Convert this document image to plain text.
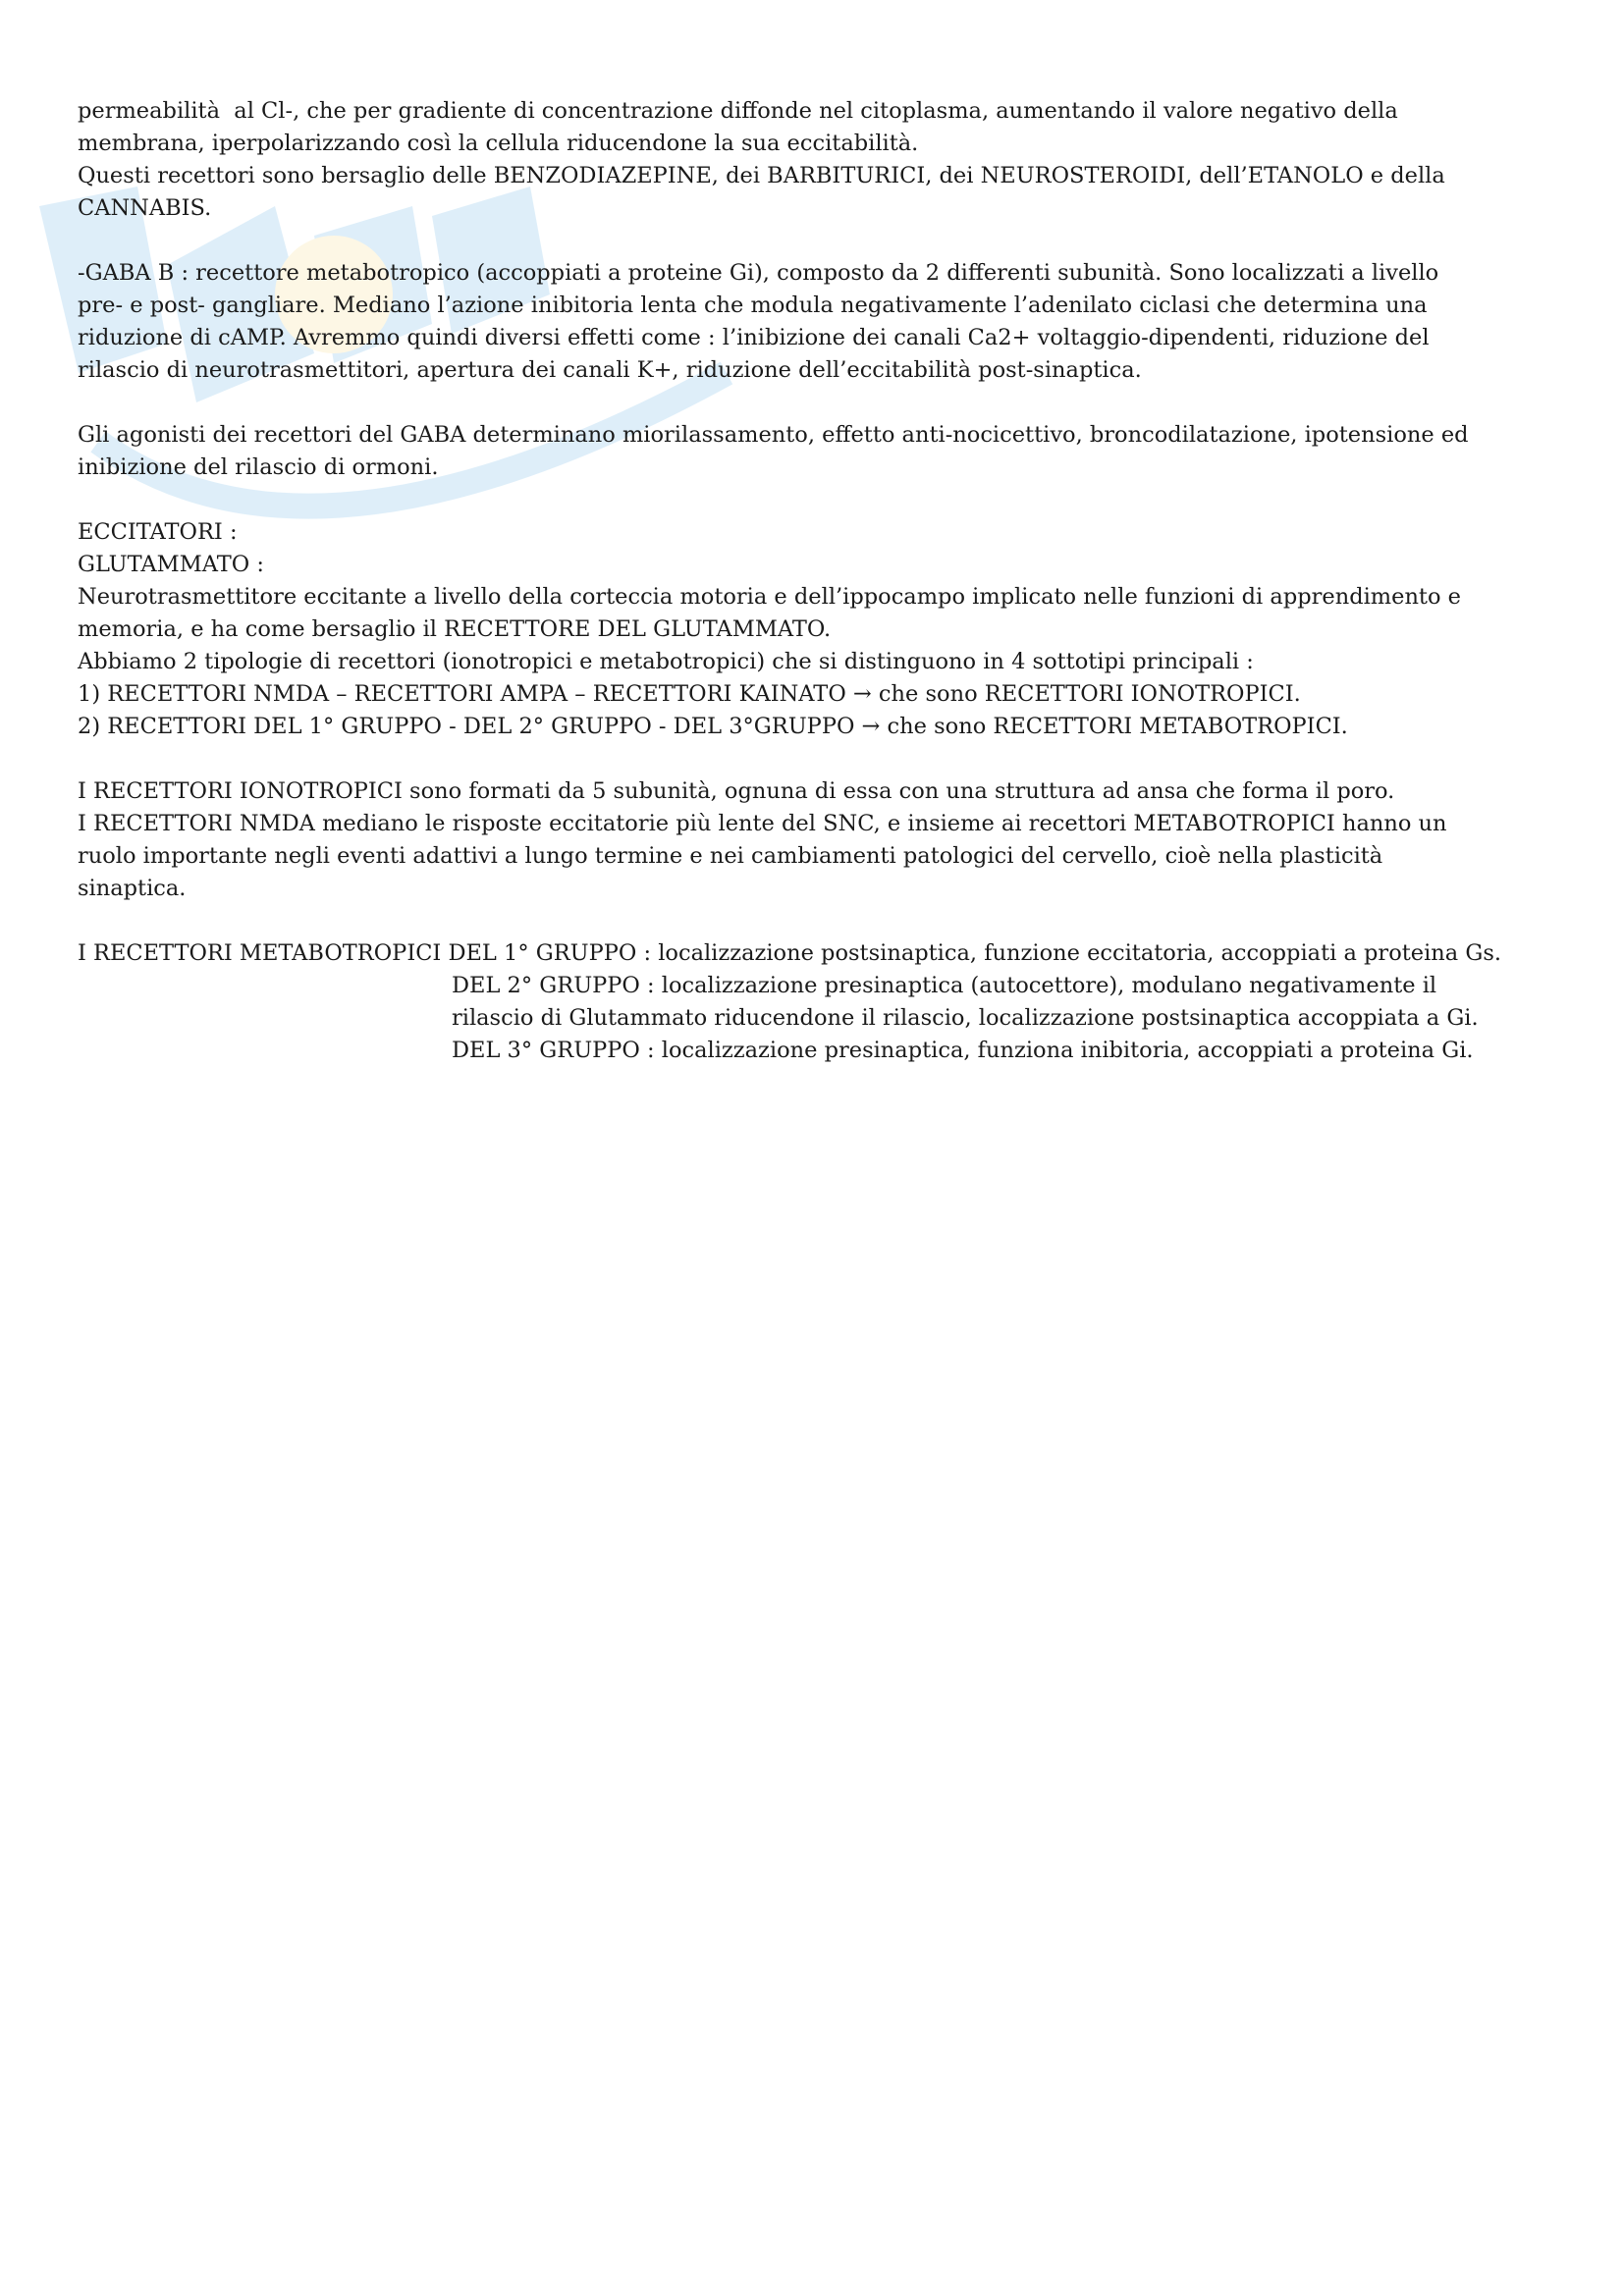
permeabilità  al Cl-, che per gradiente di concentrazione diffonde nel citoplasma, aumentando il valore negativo della
membrana, iperpolarizzando così la cellula riducendone la sua eccitabilità.
Questi recettori sono bersaglio delle BENZODIAZEPINE, dei BARBITURICI, dei NEUROSTEROIDI, dell’ETANOLO e della
CANNABIS.
-GABA B : recettore metabotropico (accoppiati a proteine Gi), composto da 2 differenti subunità. Sono localizzati a livello
pre- e post- gangliare. Mediano l’azione inibitoria lenta che modula negativamente l’adenilato ciclasi che determina una
riduzione di cAMP. Avremmo quindi diversi effetti come : l’inibizione dei canali Ca2+ voltaggio-dipendenti, riduzione del
rilascio di neurotrasmettitori, apertura dei canali K+, riduzione dell’eccitabilità post-sinaptica.
Gli agonisti dei recettori del GABA determinano miorilassamento, effetto anti-nocicettivo, broncodilatazione, ipotensione ed
inibizione del rilascio di ormoni.
ECCITATORI :
GLUTAMMATO :
Neurotrasmettitore eccitante a livello della corteccia motoria e dell’ippocampo implicato nelle funzioni di apprendimento e
memoria, e ha come bersaglio il RECETTORE DEL GLUTAMMATO.
Abbiamo 2 tipologie di recettori (ionotropici e metabotropici) che si distinguono in 4 sottotipi principali :
1) RECETTORI NMDA – RECETTORI AMPA – RECETTORI KAINATO → che sono RECETTORI IONOTROPICI.
2) RECETTORI DEL 1° GRUPPO - DEL 2° GRUPPO - DEL 3°GRUPPO → che sono RECETTORI METABOTROPICI.
I RECETTORI IONOTROPICI sono formati da 5 subunità, ognuna di essa con una struttura ad ansa che forma il poro.
I RECETTORI NMDA mediano le risposte eccitatorie più lente del SNC, e insieme ai recettori METABOTROPICI hanno un
ruolo importante negli eventi adattivi a lungo termine e nei cambiamenti patologici del cervello, cioè nella plasticità
sinaptica.
I RECETTORI METABOTROPICI DEL 1° GRUPPO : localizzazione postsinaptica, funzione eccitatoria, accoppiati a proteina Gs.
DEL 2° GRUPPO : localizzazione presinaptica (autocettore), modulano negativamente il
rilascio di Glutammato riducendone il rilascio, localizzazione postsinaptica accoppiata a Gi.
DEL 3° GRUPPO : localizzazione presinaptica, funziona inibitoria, accoppiati a proteina Gi.
